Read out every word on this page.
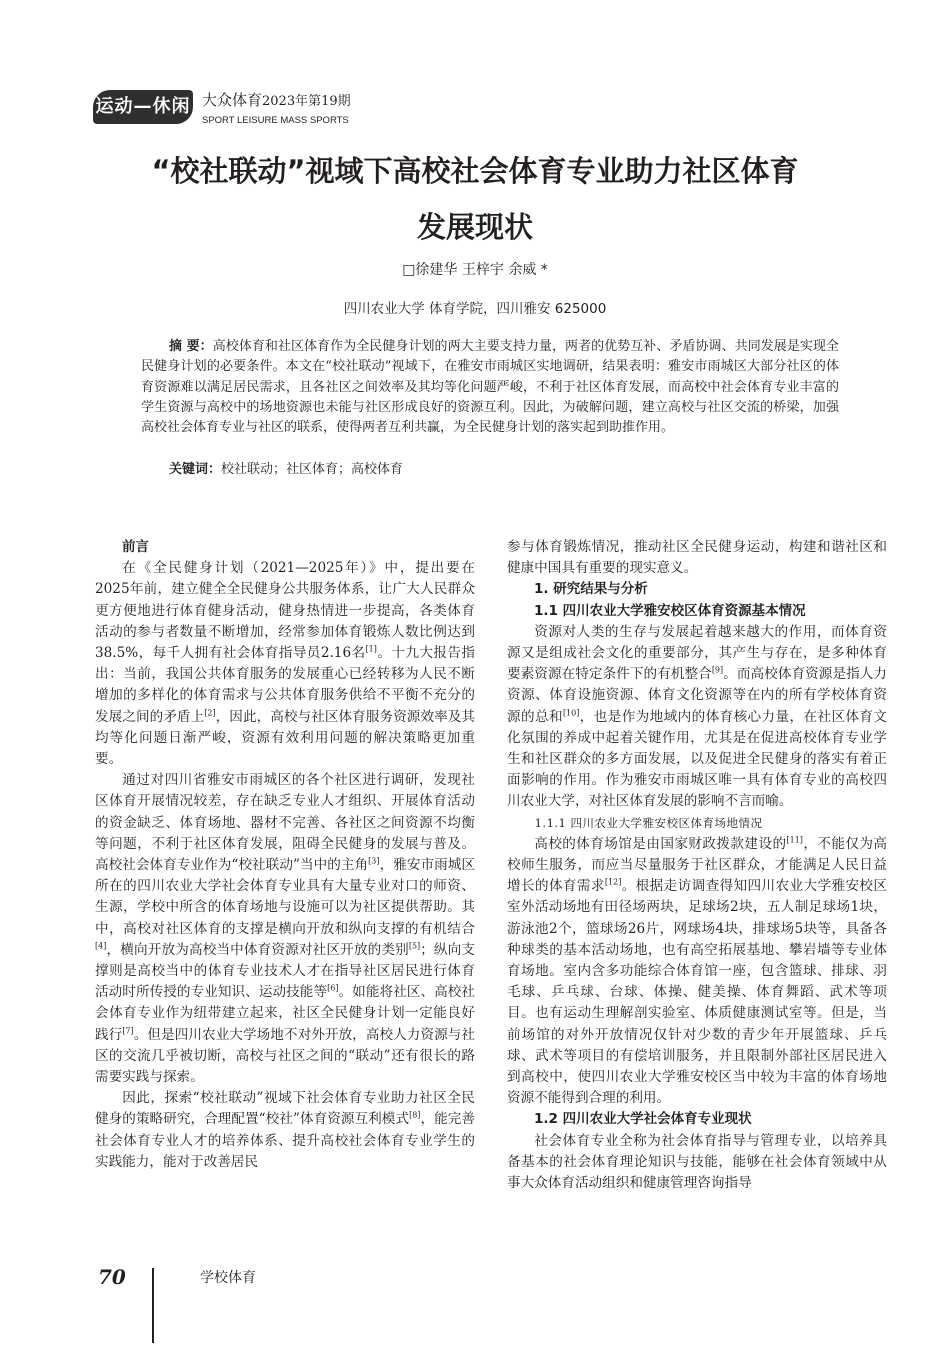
运动—休闲 大众体育2023年第19期
SPORT LEISURE MASS SPORTS
“校社联动”视域下高校社会体育专业助力社区体育
发展现状
□徐建华 王梓宇 余威 *
四川农业大学 体育学院，四川雅安 625000

摘 要：高校体育和社区体育作为全民健身计划的两大主要支持力量，两者的优势互补、矛盾协调、共同发展是实现全民健身计划的必要条件。本文在“校社联动”视域下，在雅安市雨城区实地调研，结果表明：雅安市雨城区大部分社区的体育资源难以满足居民需求，且各社区之间效率及其均等化问题严峻，不利于社区体育发展，而高校中社会体育专业丰富的学生资源与高校中的场地资源也未能与社区形成良好的资源互利。因此，为破解问题，建立高校与社区交流的桥梁，加强高校社会体育专业与社区的联系，使得两者互利共赢，为全民健身计划的落实起到助推作用。

关键词：校社联动；社区体育；高校体育

前言

在《全民健身计划（2021—2025年）》中，提出要在2025年前，建立健全全民健身公共服务体系，让广大人民群众更方便地进行体育健身活动，健身热情进一步提高，各类体育活动的参与者数量不断增加，经常参加体育锻炼人数比例达到38.5%，每千人拥有社会体育指导员2.16名[1]。十九大报告指出：当前，我国公共体育服务的发展重心已经转移为人民不断增加的多样化的体育需求与公共体育服务供给不平衡不充分的发展之间的矛盾上[2]，因此，高校与社区体育服务资源效率及其均等化问题日渐严峻，资源有效利用问题的解决策略更加重要。

通过对四川省雅安市雨城区的各个社区进行调研，发现社区体育开展情况较差，存在缺乏专业人才组织、开展体育活动的资金缺乏、体育场地、器材不完善、各社区之间资源不均衡等问题，不利于社区体育发展，阻碍全民健身的发展与普及。高校社会体育专业作为“校社联动”当中的主角[3]，雅安市雨城区所在的四川农业大学社会体育专业具有大量专业对口的师资、生源，学校中所含的体育场地与设施可以为社区提供帮助。其中，高校对社区体育的支撑是横向开放和纵向支撑的有机结合[4]，横向开放为高校当中体育资源对社区开放的类别[5]；纵向支撑则是高校当中的体育专业技术人才在指导社区居民进行体育活动时所传授的专业知识、运动技能等[6]。如能将社区、高校社会体育专业作为纽带建立起来，社区全民健身计划一定能良好践行[7]。但是四川农业大学场地不对外开放，高校人力资源与社区的交流几乎被切断，高校与社区之间的“联动”还有很长的路需要实践与探索。

因此，探索“校社联动”视域下社会体育专业助力社区全民健身的策略研究，合理配置“校社”体育资源互利模式[8]，能完善社会体育专业人才的培养体系、提升高校社会体育专业学生的实践能力，能对于改善居民

参与体育锻炼情况，推动社区全民健身运动，构建和谐社区和健康中国具有重要的现实意义。

1. 研究结果与分析

1.1 四川农业大学雅安校区体育资源基本情况

资源对人类的生存与发展起着越来越大的作用，而体育资源又是组成社会文化的重要部分，其产生与存在，是多种体育要素资源在特定条件下的有机整合[9]。而高校体育资源是指人力资源、体育设施资源、体育文化资源等在内的所有学校体育资源的总和[10]，也是作为地域内的体育核心力量，在社区体育文化氛围的养成中起着关键作用，尤其是在促进高校体育专业学生和社区群众的多方面发展，以及促进全民健身的落实有着正面影响的作用。作为雅安市雨城区唯一具有体育专业的高校四川农业大学，对社区体育发展的影响不言而喻。

1.1.1 四川农业大学雅安校区体育场地情况

高校的体育场馆是由国家财政拨款建设的[11]，不能仅为高校师生服务，而应当尽量服务于社区群众，才能满足人民日益增长的体育需求[12]。根据走访调查得知四川农业大学雅安校区室外活动场地有田径场两块，足球场2块，五人制足球场1块，游泳池2个，篮球场26片，网球场4块，排球场5块等，具备各种球类的基本活动场地，也有高空拓展基地、攀岩墙等专业体育场地。室内含多功能综合体育馆一座，包含篮球、排球、羽毛球、乒乓球、台球、体操、健美操、体育舞蹈、武术等项目。也有运动生理解剖实验室、体质健康测试室等。但是，当前场馆的对外开放情况仅针对少数的青少年开展篮球、乒乓球、武术等项目的有偿培训服务，并且限制外部社区居民进入到高校中，使四川农业大学雅安校区当中较为丰富的体育场地资源不能得到合理的利用。

1.2 四川农业大学社会体育专业现状

社会体育专业全称为社会体育指导与管理专业，以培养具备基本的社会体育理论知识与技能，能够在社会体育领域中从事大众体育活动组织和健康管理咨询指导

70	学校体育
